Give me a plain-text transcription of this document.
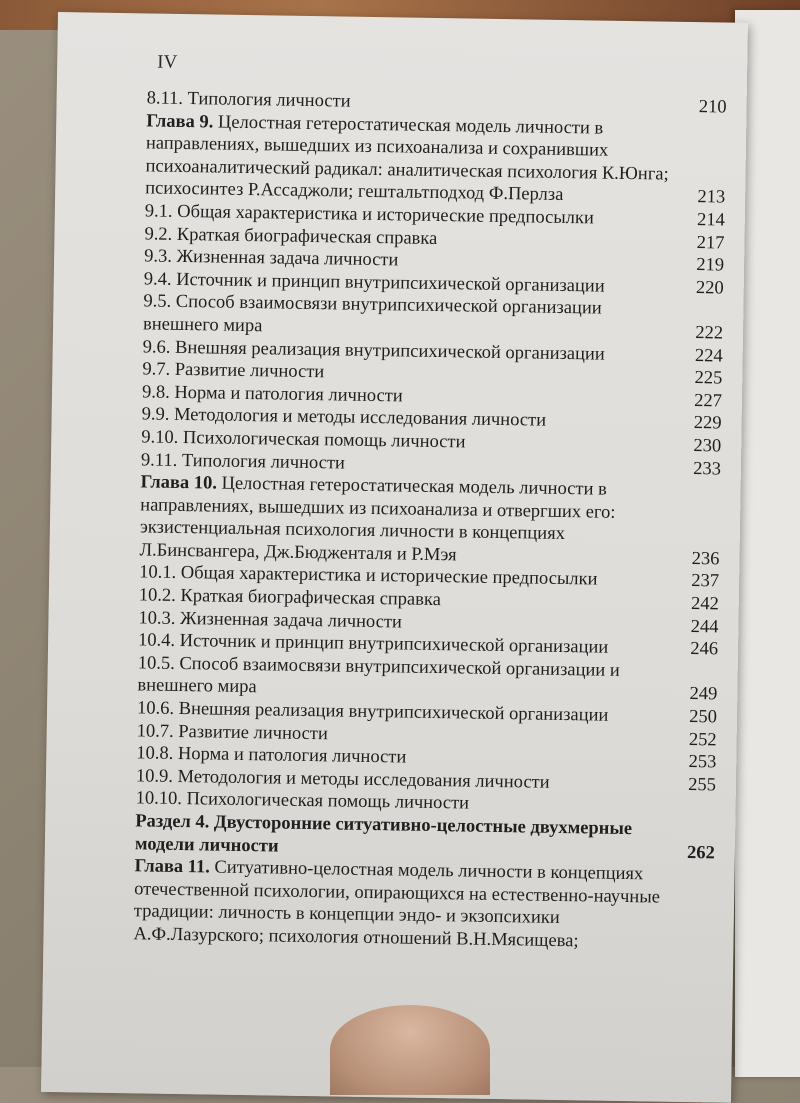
IV
8.11. Типология личности	210
Глава 9. Целостная гетеростатическая модель личности в направлениях, вышедших из психоанализа и сохранивших психоаналитический радикал: аналитическая психология К.Юнга; психосинтез Р.Ассаджоли; гештальтподход Ф.Перлза	213
9.1. Общая характеристика и исторические предпосылки	214
9.2. Краткая биографическая справка	217
9.3. Жизненная задача личности	219
9.4. Источник и принцип внутрипсихической организации	220
9.5. Способ взаимосвязи внутрипсихической организации внешнего мира	222
9.6. Внешняя реализация внутрипсихической организации	224
9.7. Развитие личности	225
9.8. Норма и патология личности	227
9.9. Методология и методы исследования личности	229
9.10. Психологическая помощь личности	230
9.11. Типология личности	233
Глава 10. Целостная гетеростатическая модель личности в направлениях, вышедших из психоанализа и отвергших его: экзистенциальная психология личности в концепциях Л.Бинсвангера, Дж.Бюдженталя и Р.Мэя	236
10.1. Общая характеристика и исторические предпосылки	237
10.2. Краткая биографическая справка	242
10.3. Жизненная задача личности	244
10.4. Источник и принцип внутрипсихической организации	246
10.5. Способ взаимосвязи внутрипсихической организации и внешнего мира	249
10.6. Внешняя реализация внутрипсихической организации	250
10.7. Развитие личности	252
10.8. Норма и патология личности	253
10.9. Методология и методы исследования личности	255
10.10. Психологическая помощь личности
Раздел 4. Двусторонние ситуативно-целостные двухмерные модели личности	262
Глава 11. Ситуативно-целостная модель личности в концепциях отечественной психологии, опирающихся на естественно-научные традиции: личность в концепции эндо- и экзопсихики А.Ф.Лазурского; психология отношений В.Н.Мясищева;
